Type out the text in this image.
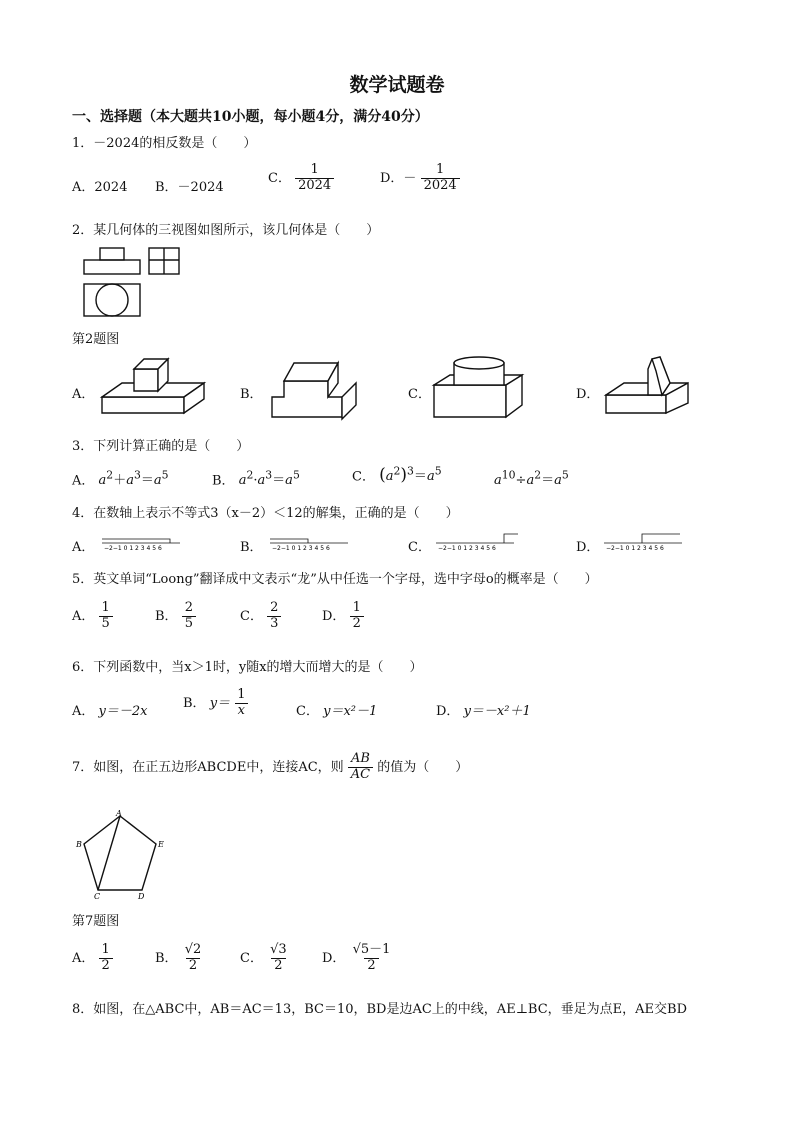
数学试题卷
一、选择题（本大题共10小题，每小题4分，满分40分）
1．－2024的相反数是（　　）
A．2024 B．－2024
C． $\frac{1}{2024}$	D．－ $\frac{1}{2024}$
2．某几何体的三视图如图所示，该几何体是（　　）
第2题图
A．	B．	C．	D．
3．下列计算正确的是（　　）
A． $a^2+a^3=a^5$	B． $a^2\cdot a^3=a^5$	C． $(a^2)^3=a^5$
$a^{10}\div a^2=a^5$
4．在数轴上表示不等式3（x－2）＜12的解集，正确的是（　　）
A． −2−1 0 1 2 3 4 5 6	B． −2−1 0 1 2 3 4 5 6	C． −2−1 0 1 2 3 4 5 6	D． −2−1 0 1 2 3 4 5 6
5．英文单词“Loong”翻译成中文表示“龙”从中任选一个字母，选中字母o的概率是（　　）
A． $\frac{1}{5}$	B． $\frac{2}{5}$	C． $\frac{2}{3}$	D． $\frac{1}{2}$
6．下列函数中，当x＞1时，y随x的增大而增大的是（　　）
A． y＝－2x
B． $y= \frac{1}{x}$	C． y＝x²－1	D． y＝－x²＋1
7．如图，在正五边形ABCDE中，连接AC，则 $\frac{AB}{AC}$ 的值为（　　）
A
B
C	D
E
第7题图
A． $\frac{1}{2}$	B． $\frac{√2}{2}$	C． $\frac{√3}{2}$ D． $\frac{√5-1}{2}$
8．如图，在△ABC中，AB＝AC＝13，BC＝10，BD是边AC上的中线，AE⊥BC，垂足为点E，AE交BD
